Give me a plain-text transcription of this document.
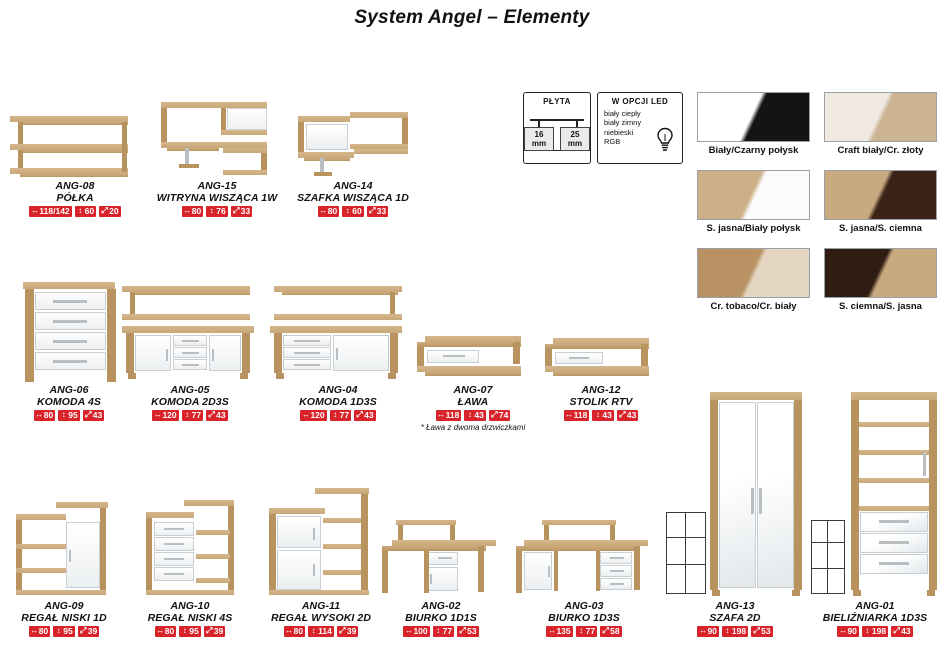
System Angel – Elementy
PŁYTA
16 mm
25 mm
W OPCJI LED
biały ciepły
biały zimny
niebieski
RGB
Biały/Czarny połysk	Craft biały/Cr. złoty
S. jasna/Biały połysk	S. jasna/S. ciemna
Cr. tobaco/Cr. biały	S. ciemna/S. jasna
ANG-08
PÓŁKA
↔ 118/142	↕ 60 ⤢ 20
ANG-15
WITRYNA WISZĄCA 1W
↔ 80	↕ 76 ⤢ 33
ANG-14
SZAFKA WISZĄCA 1D
↔ 80	↕ 60 ⤢ 33
ANG-06
KOMODA 4S
↔ 80	↕ 95 ⤢ 43
ANG-05
KOMODA 2D3S
↔ 120	↕ 77 ⤢ 43
ANG-04
KOMODA 1D3S
↔ 120	↕ 77 ⤢ 43
ANG-07
ŁAWA
↔ 118	↕ 43 ⤢ 74
* Ława z dwoma drzwiczkami
ANG-12
STOLIK RTV
↔ 118	↕ 43 ⤢ 43
ANG-09
REGAŁ NISKI 1D
↔ 80	↕ 95 ⤢ 39
ANG-10
REGAŁ NISKI 4S
↔ 80	↕ 95 ⤢ 39
ANG-11
REGAŁ WYSOKI 2D
↔ 80	↕ 114 ⤢ 39
ANG-02
BIURKO 1D1S
↔ 100	↕ 77 ⤢ 53
ANG-03
BIURKO 1D3S
↔ 135	↕ 77 ⤢ 58
ANG-13
SZAFA 2D
↔ 90	↕ 198 ⤢ 53
ANG-01
BIELIŹNIARKA 1D3S
↔ 90	↕ 198 ⤢ 43
